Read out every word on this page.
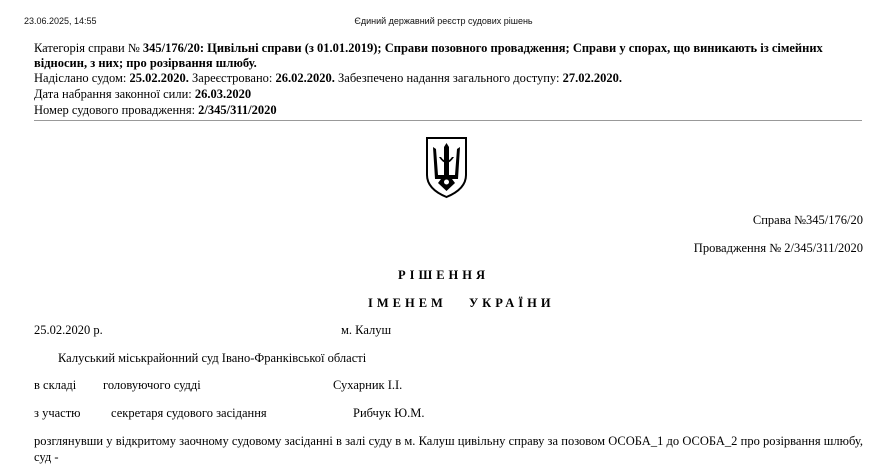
23.06.2025, 14:55	Єдиний державний реєстр судових рішень
Категорія справи № 345/176/20: Цивільні справи (з 01.01.2019); Справи позовного провадження; Справи у спорах, що виникають із сімейних відносин, з них; про розірвання шлюбу.
Надіслано судом: 25.02.2020. Зареєстровано: 26.02.2020. Забезпечено надання загального доступу: 27.02.2020.
Дата набрання законної сили: 26.03.2020
Номер судового провадження: 2/345/311/2020
Справа №345/176/20
Провадження № 2/345/311/2020
РІШЕННЯ
ІМЕНЕМ УКРАЇНИ
25.02.2020 р.	м. Калуш
Калуський міськрайонний суд Івано-Франківської області
в складі головуючого судді	Сухарник І.І.
з участю секретаря судового засідання	Рибчук Ю.М.
розглянувши у відкритому заочному судовому засіданні в залі суду в м. Калуш цивільну справу за позовом ОСОБА_1 до ОСОБА_2 про розірвання шлюбу, суд -
